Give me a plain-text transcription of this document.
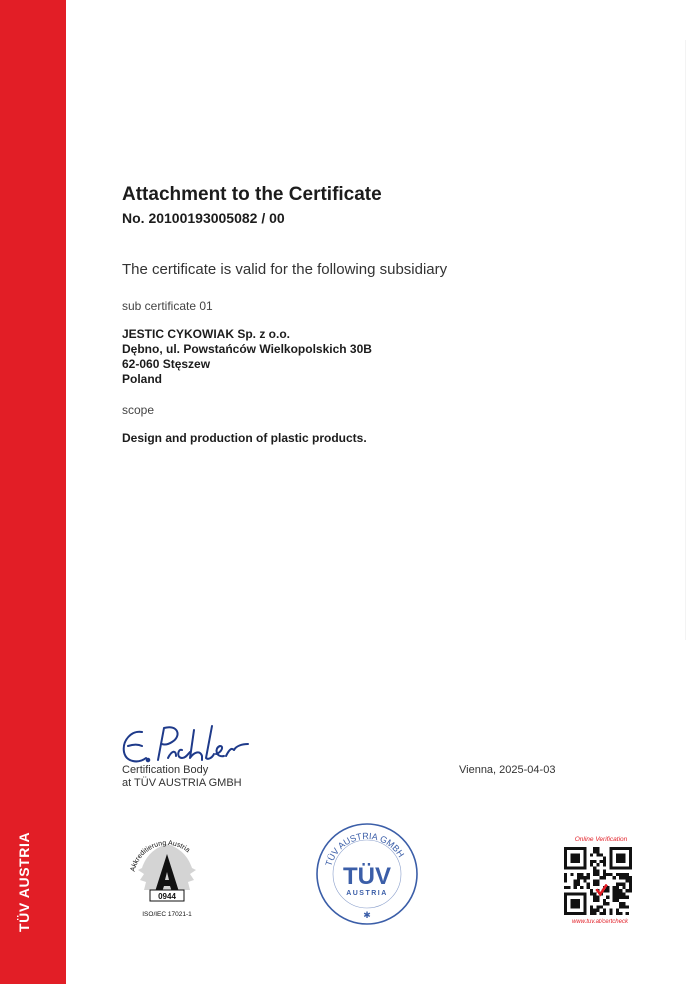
TÜV AUSTRIA
Attachment to the Certificate
No. 20100193005082 / 00
The certificate is valid for the following subsidiary
sub certificate 01
JESTIC CYKOWIAK Sp. z o.o.
Dębno, ul. Powstańców Wielkopolskich 30B
62-060 Stęszew
Poland
scope
Design and production of plastic products.
Certification Body
at TÜV AUSTRIA GMBH
Vienna, 2025-04-03
Akkreditierung Austria
0944
ISO/IEC 17021-1
TÜV AUSTRIA GMBH
TÜV
AUSTRIA
✱
Online Verification
www.tuv.at/certcheck
